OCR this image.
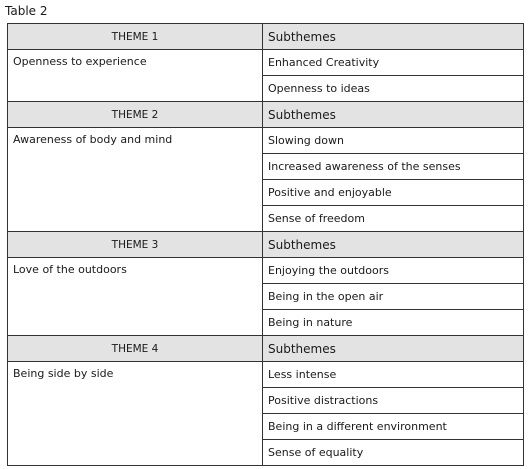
Table 2
THEME 1	Subthemes
Openness to experience	Enhanced Creativity
	Openness to ideas
THEME 2	Subthemes
Awareness of body and mind	Slowing down
	Increased awareness of the senses
	Positive and enjoyable
	Sense of freedom
THEME 3	Subthemes
Love of the outdoors	Enjoying the outdoors
	Being in the open air
	Being in nature
THEME 4	Subthemes
Being side by side	Less intense
	Positive distractions
	Being in a different environment
	Sense of equality
